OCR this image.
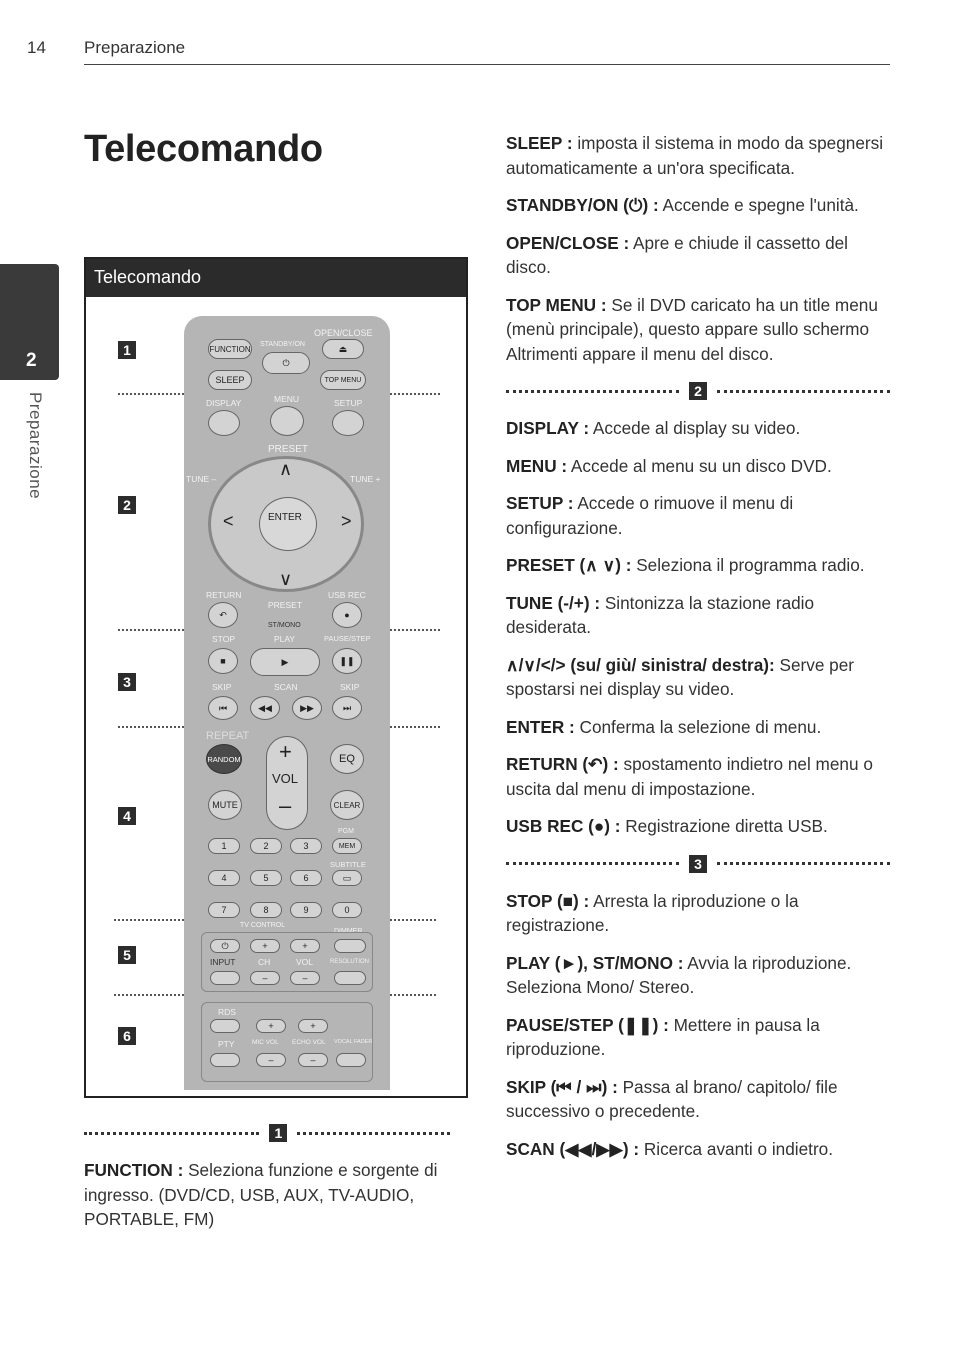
14 Preparazione
2
Preparazione
Telecomando
Telecomando
1
2
3
4
5
6
FUNCTION STANDBY/ON
⏻
OPEN/CLOSE
⏏
SLEEP	TOP MENU
DISPLAY	MENU	SETUP
PRESET
TUNE –	TUNE +
∧
∨
<	>
ENTER
RETURN
↶
PRESET
USB REC
●
ST/MONO
STOP	PLAY	PAUSE/STEP
■	▶	❚❚
SKIP	SCAN	SKIP
⏮	◀◀	▶▶	⏭
REPEAT
RANDOM +
VOL
–
EQ
MUTE	CLEAR
PGM
MEM
SUBTITLE
▭
1	2	3
4	5	6
7	8	9	0
TV CONTROL
DIMMER
⏻	+	+
INPUT	CH	VOL
–	–
RESOLUTION
RDS
+	+
PTY	MIC VOL ECHO VOL VOCAL FADER
–	–
1

FUNCTION : Seleziona funzione e sorgente di ingresso. (DVD/CD, USB, AUX, TV-AUDIO, PORTABLE, FM)

SLEEP : imposta il sistema in modo da spegnersi automaticamente a un'ora specificata.

STANDBY/ON (⏻) : Accende e spegne l'unità.

OPEN/CLOSE : Apre e chiude il cassetto del disco.

TOP MENU : Se il DVD caricato ha un title menu (menù principale), questo appare sullo schermo Altrimenti appare il menu del disco.

2

DISPLAY : Accede al display su video.

MENU : Accede al menu su un disco DVD.

SETUP : Accede o rimuove il menu di configurazione.

PRESET (∧ ∨) : Seleziona il programma radio.

TUNE (-/+) : Sintonizza la stazione radio desiderata.

∧/∨/</> (su/ giù/ sinistra/ destra): Serve per spostarsi nei display su video.

ENTER : Conferma la selezione di menu.

RETURN (↶) : spostamento indietro nel menu o uscita dal menu di impostazione.

USB REC (●) : Registrazione diretta USB.

3

STOP (■) : Arresta la riproduzione o la registrazione.

PLAY (►), ST/MONO : Avvia la riproduzione. Seleziona Mono/ Stereo.

PAUSE/STEP (❚❚) : Mettere in pausa la riproduzione.

SKIP (⏮ / ⏭) : Passa al brano/ capitolo/ file successivo o precedente.

SCAN (◀◀/▶▶) : Ricerca avanti o indietro.
